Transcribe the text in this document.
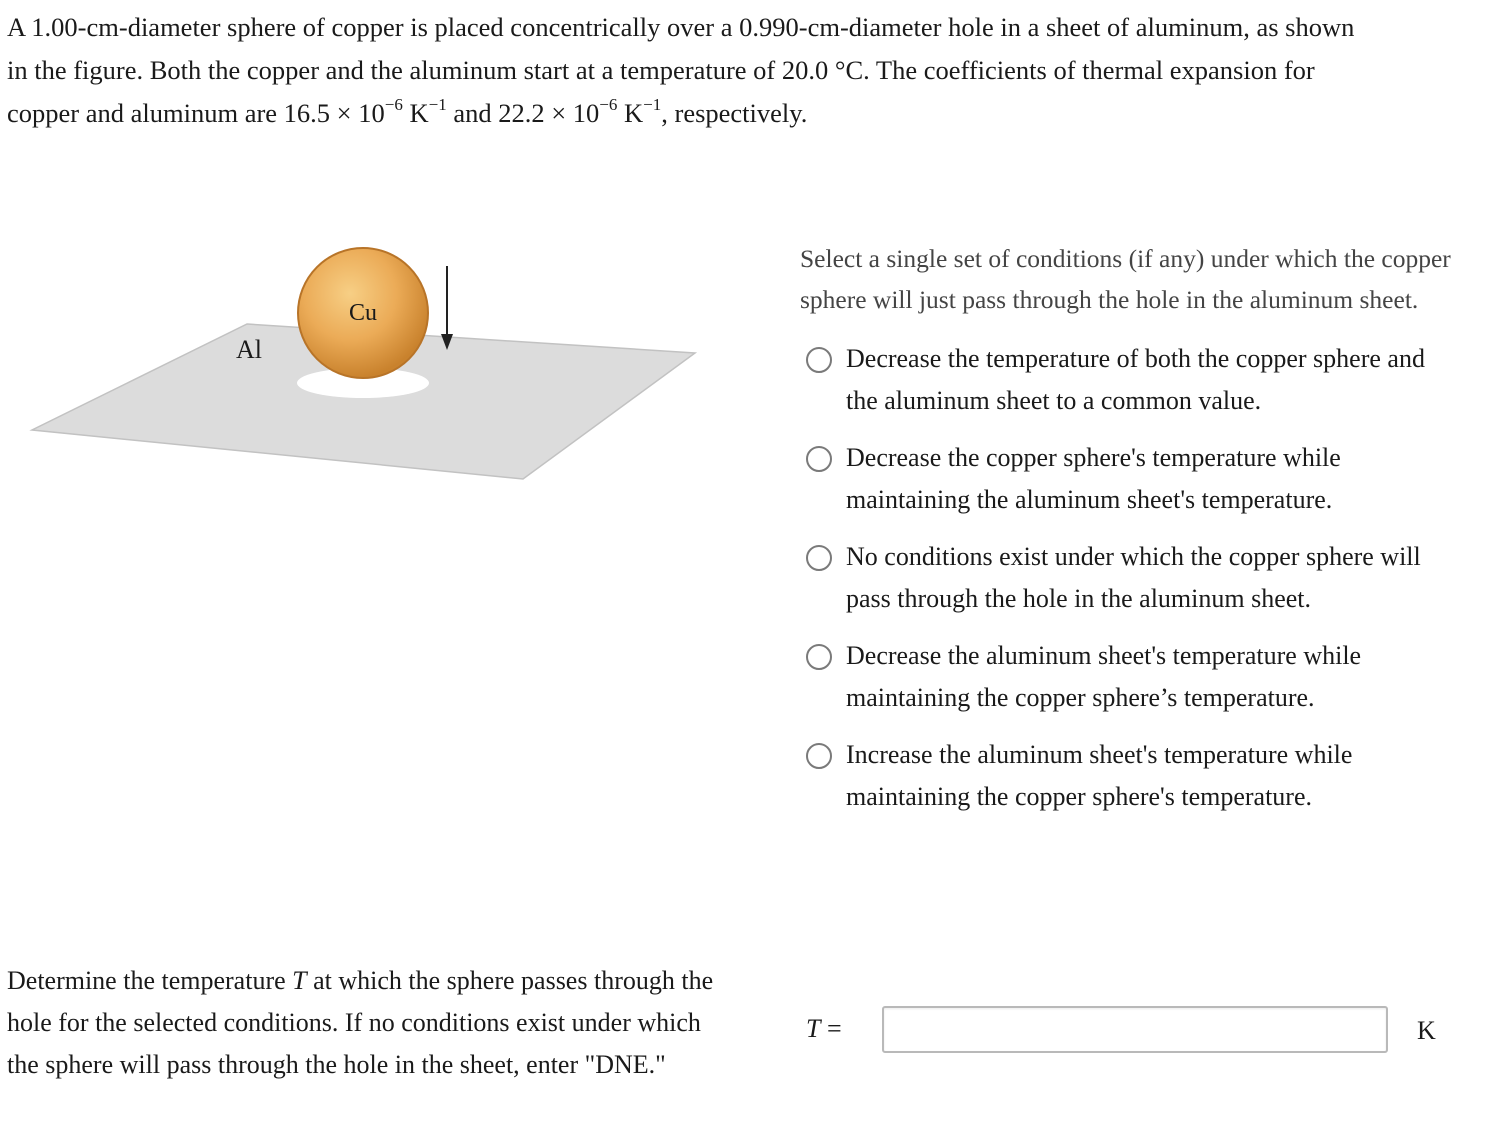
A 1.00-cm-diameter sphere of copper is placed concentrically over a 0.990-cm-diameter hole in a sheet of aluminum, as shown
in the figure. Both the copper and the aluminum start at a temperature of 20.0 °C. The coefficients of thermal expansion for
copper and aluminum are $16.5 \times 10^{-6}$ $K^{-1}$ and $22.2 \times 10^{-6}$ $K^{-1}$, respectively.

Cu
Al

Select a single set of conditions (if any) under which the copper sphere will just pass through the hole in the aluminum sheet.

Decrease the temperature of both the copper sphere and the aluminum sheet to a common value.
Decrease the copper sphere's temperature while maintaining the aluminum sheet's temperature.
No conditions exist under which the copper sphere will pass through the hole in the aluminum sheet.
Decrease the aluminum sheet's temperature while maintaining the copper sphere’s temperature.
Increase the aluminum sheet's temperature while maintaining the copper sphere's temperature.

Determine the temperature T at which the sphere passes through the hole for the selected conditions. If no conditions exist under which the sphere will pass through the hole in the sheet, enter "DNE."

T =	K
